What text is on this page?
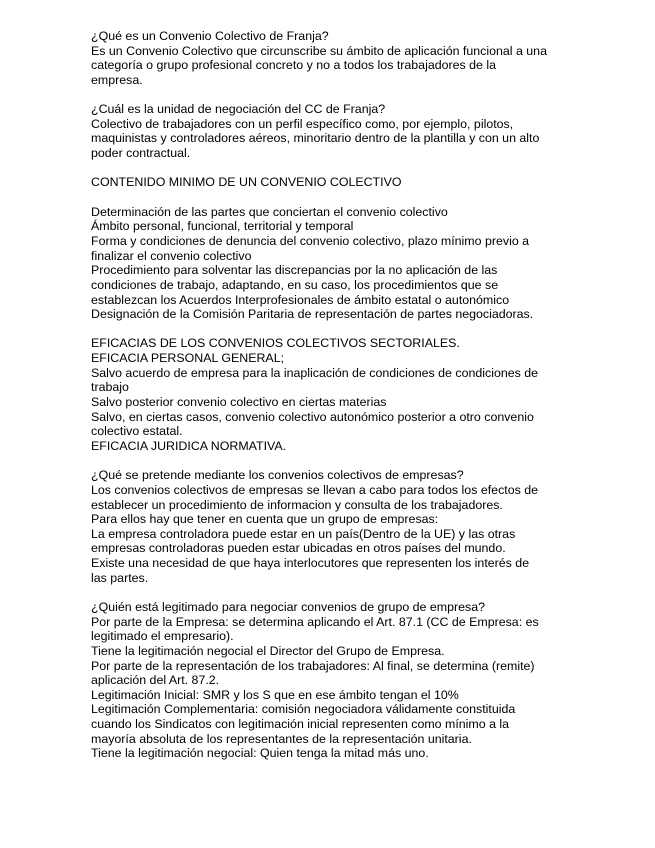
¿Qué es un Convenio Colectivo de Franja?
Es un Convenio Colectivo que circunscribe su ámbito de aplicación funcional a una
categoría o grupo profesional concreto y no a todos los trabajadores de la
empresa.
¿Cuál es la unidad de negociación del CC de Franja?
Colectivo de trabajadores con un perfil específico como, por ejemplo, pilotos,
maquinistas y controladores aéreos, minoritario dentro de la plantilla y con un alto
poder contractual.
CONTENIDO MINIMO DE UN CONVENIO COLECTIVO
Determinación de las partes que conciertan el convenio colectivo
Ámbito personal, funcional, territorial y temporal
Forma y condiciones de denuncia del convenio colectivo, plazo mínimo previo a
finalizar el convenio colectivo
Procedimiento para solventar las discrepancias por la no aplicación de las
condiciones de trabajo, adaptando, en su caso, los procedimientos que se
establezcan los Acuerdos Interprofesionales de ámbito estatal o autonómico
Designación de la Comisión Paritaria de representación de partes negociadoras.
EFICACIAS DE LOS CONVENIOS COLECTIVOS SECTORIALES.
EFICACIA PERSONAL GENERAL;
Salvo acuerdo de empresa para la inaplicación de condiciones de condiciones de
trabajo
Salvo posterior convenio colectivo en ciertas materias
Salvo, en ciertas casos, convenio colectivo autonómico posterior a otro convenio
colectivo estatal.
EFICACIA JURIDICA NORMATIVA.
¿Qué se pretende mediante los convenios colectivos de empresas?
Los convenios colectivos de empresas se llevan a cabo para todos los efectos de
establecer un procedimiento de informacion y consulta de los trabajadores.
Para ellos hay que tener en cuenta que un grupo de empresas:
La empresa controladora puede estar en un país(Dentro de la UE) y las otras
empresas controladoras pueden estar ubicadas en otros países del mundo.
Existe una necesidad de que haya interlocutores que representen los interés de
las partes.
¿Quién está legitimado para negociar convenios de grupo de empresa?
Por parte de la Empresa: se determina aplicando el Art. 87.1 (CC de Empresa: es
legitimado el empresario).
Tiene la legitimación negocial el Director del Grupo de Empresa.
Por parte de la representación de los trabajadores: Al final, se determina (remite)
aplicación del Art. 87.2.
Legitimación Inicial: SMR y los S que en ese ámbito tengan el 10%
Legitimación Complementaria: comisión negociadora válidamente constituida
cuando los Sindicatos con legitimación inicial representen como mínimo a la
mayoría absoluta de los representantes de la representación unitaria.
Tiene la legitimación negocial: Quien tenga la mitad más uno.
